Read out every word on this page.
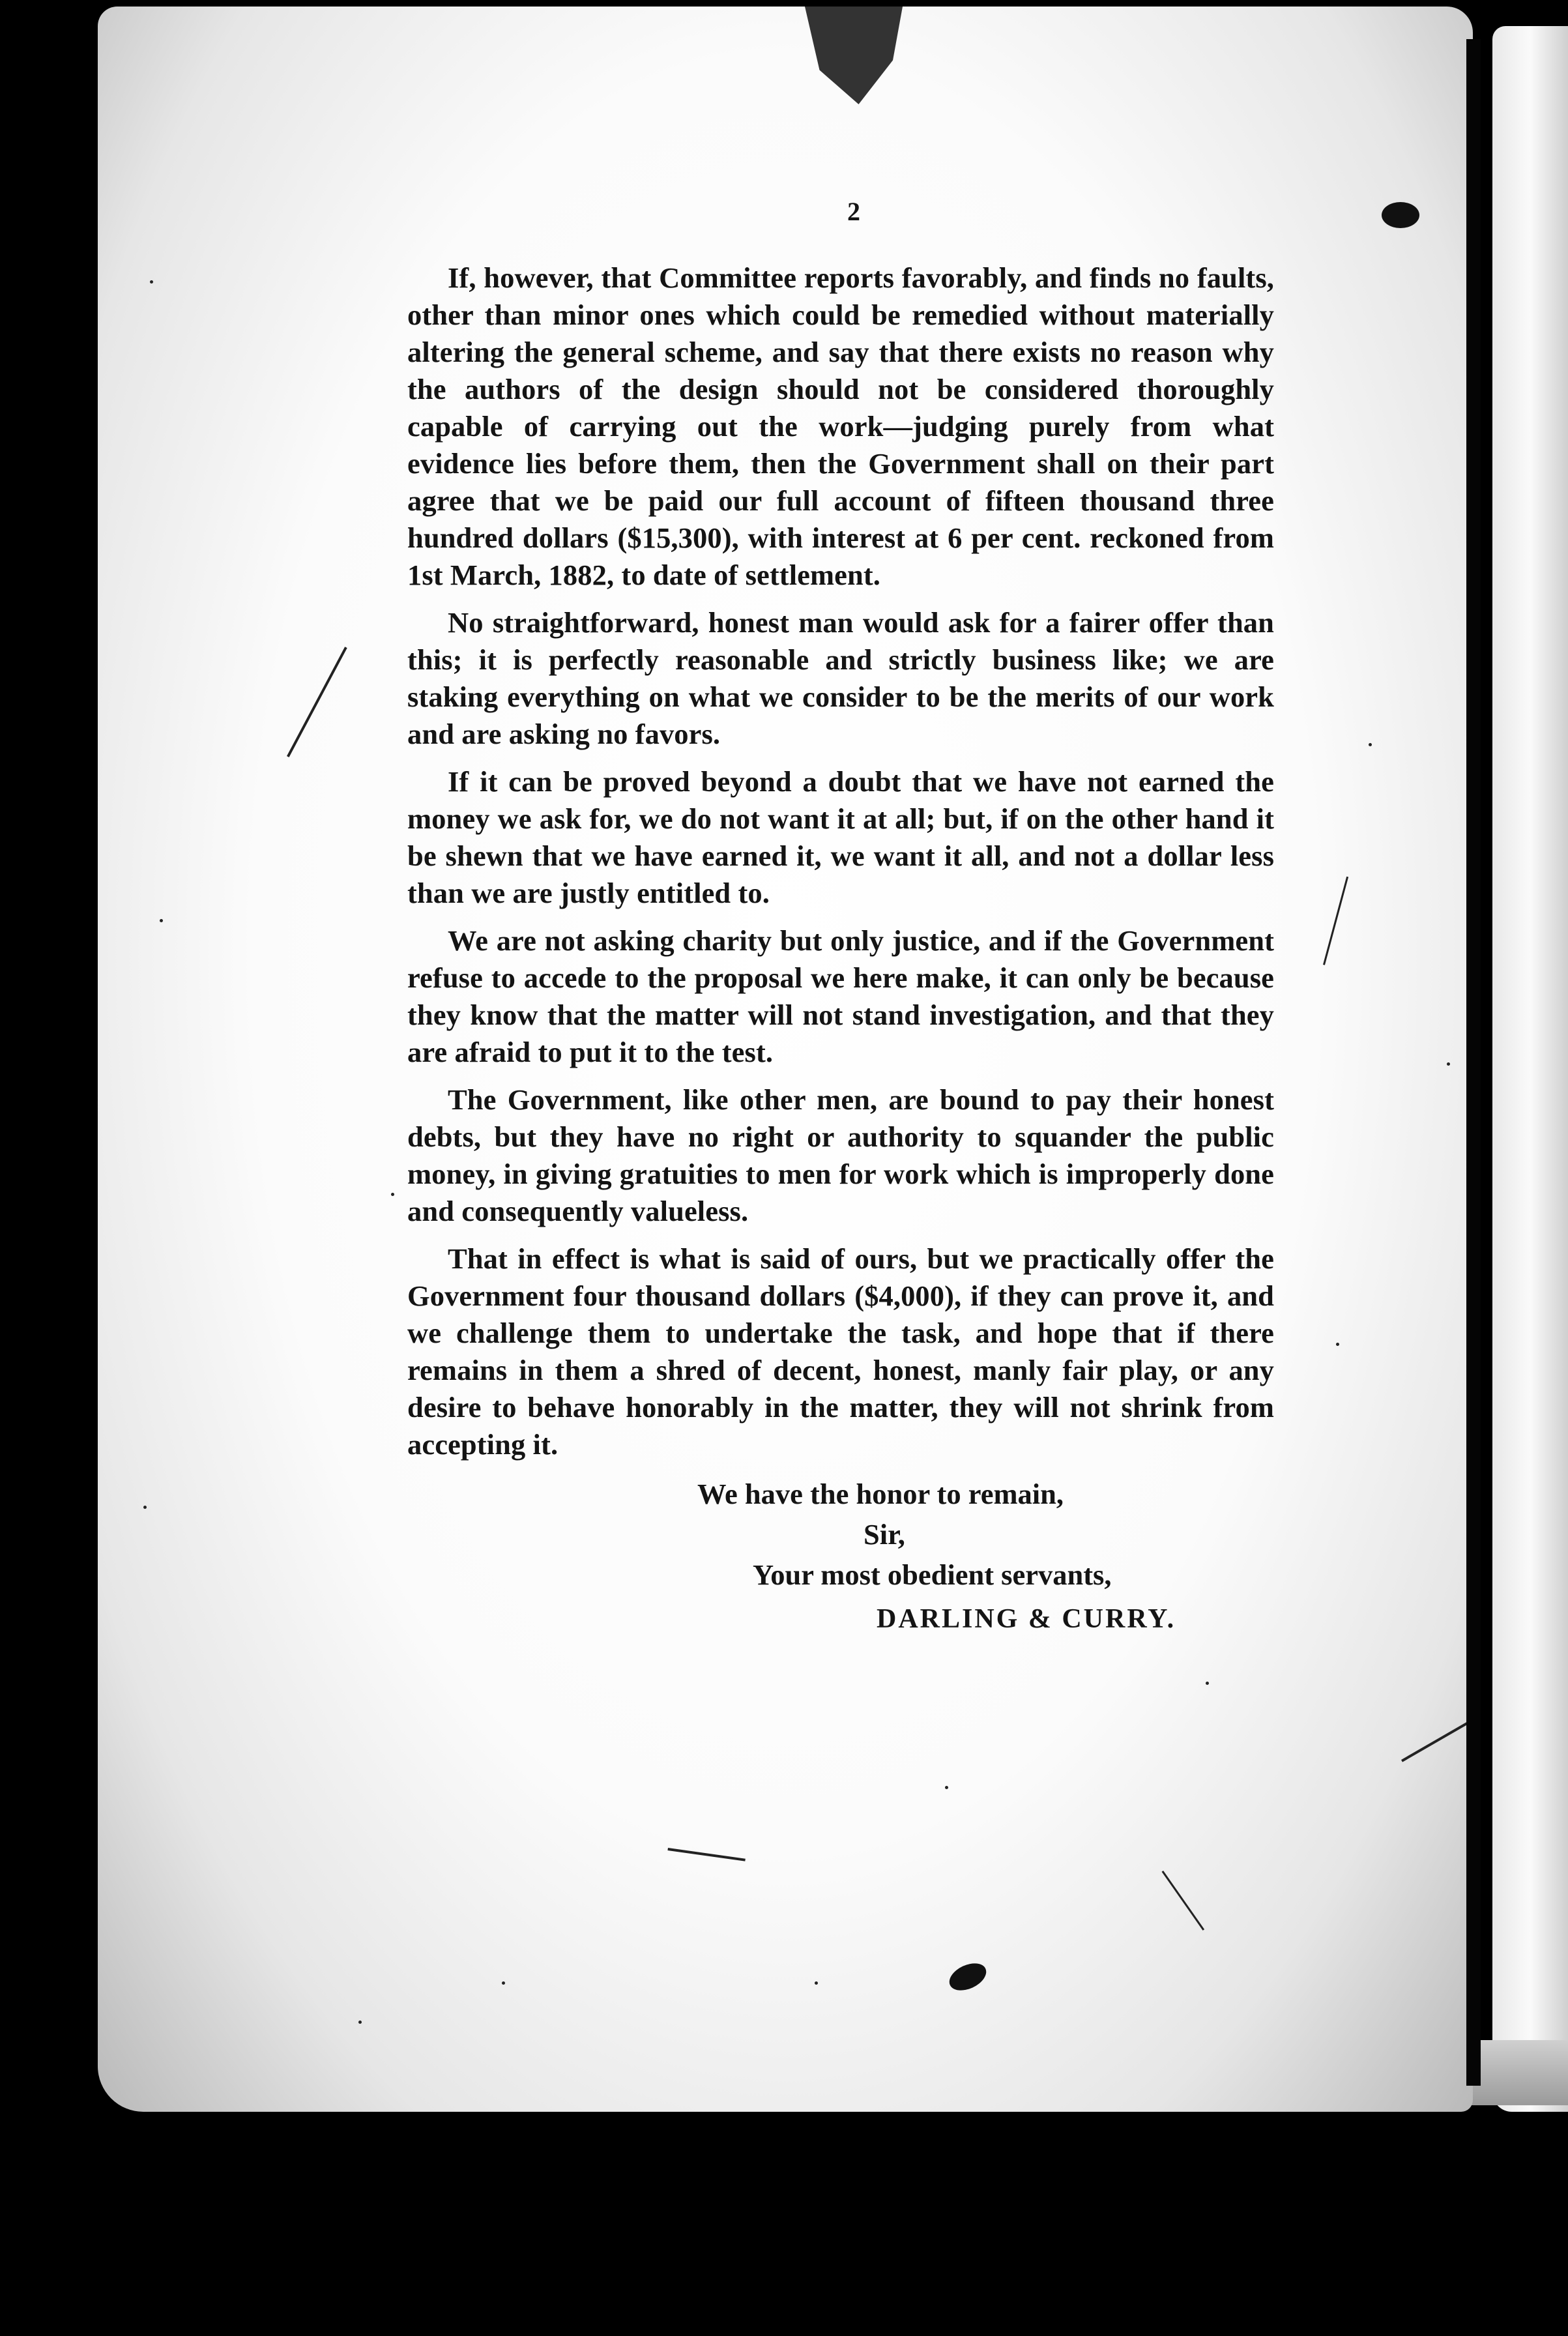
2

If, however, that Committee reports favorably, and finds no faults, other than minor ones which could be remedied without materially altering the general scheme, and say that there exists no reason why the authors of the design should not be considered thoroughly capable of carrying out the work—judging purely from what evidence lies before them, then the Government shall on their part agree that we be paid our full account of fifteen thousand three hundred dollars ($15,300), with interest at 6 per cent. reckoned from 1st March, 1882, to date of settlement.

No straightforward, honest man would ask for a fairer offer than this; it is perfectly reasonable and strictly business like; we are staking everything on what we consider to be the merits of our work and are asking no favors.

If it can be proved beyond a doubt that we have not earned the money we ask for, we do not want it at all; but, if on the other hand it be shewn that we have earned it, we want it all, and not a dollar less than we are justly entitled to.

We are not asking charity but only justice, and if the Government refuse to accede to the proposal we here make, it can only be because they know that the matter will not stand investigation, and that they are afraid to put it to the test.

The Government, like other men, are bound to pay their honest debts, but they have no right or authority to squander the public money, in giving gratuities to men for work which is improperly done and consequently valueless.

That in effect is what is said of ours, but we practically offer the Government four thousand dollars ($4,000), if they can prove it, and we challenge them to undertake the task, and hope that if there remains in them a shred of decent, honest, manly fair play, or any desire to behave honorably in the matter, they will not shrink from accepting it.

We have the honor to remain,
Sir,
Your most obedient servants,
DARLING & CURRY.
